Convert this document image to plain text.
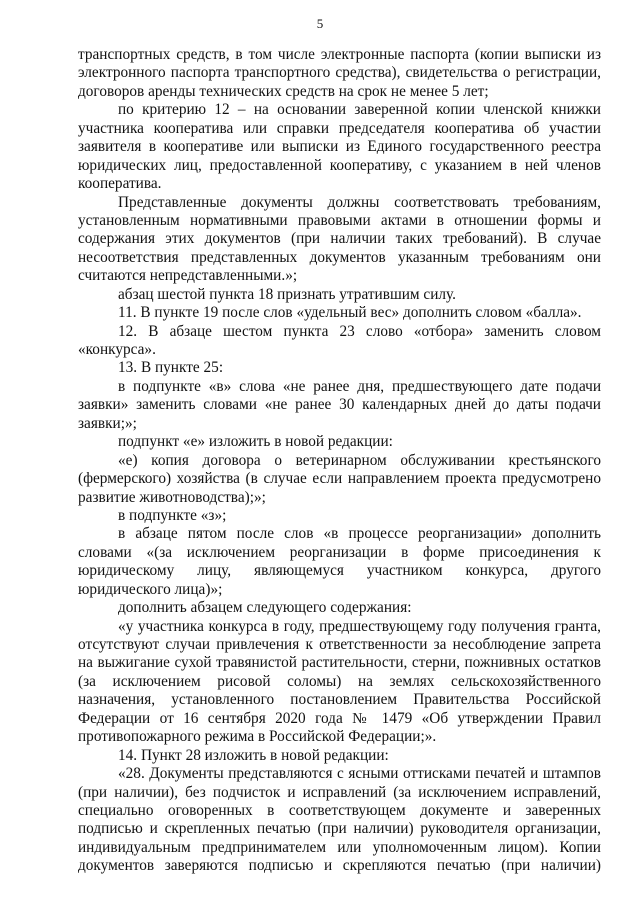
5
транспортных средств, в том числе электронные паспорта (копии выписки из
электронного паспорта транспортного средства), свидетельства о регистрации,
договоров аренды технических средств на срок не менее 5 лет;
по критерию 12 – на основании заверенной копии членской книжки
участника кооператива или справки председателя кооператива об участии
заявителя в кооперативе или выписки из Единого государственного реестра
юридических лиц, предоставленной кооперативу, с указанием в ней членов
кооператива.
Представленные документы должны соответствовать требованиям,
установленным нормативными правовыми актами в отношении формы и
содержания этих документов (при наличии таких требований). В случае
несоответствия представленных документов указанным требованиям они
считаются непредставленными.»;
абзац шестой пункта 18 признать утратившим силу.
11. В пункте 19 после слов «удельный вес» дополнить словом «балла».
12. В абзаце шестом пункта 23 слово «отбора» заменить словом
«конкурса».
13. В пункте 25:
в подпункте «в» слова «не ранее дня, предшествующего дате подачи
заявки» заменить словами «не ранее 30 календарных дней до даты подачи
заявки;»;
подпункт «е» изложить в новой редакции:
«е) копия договора о ветеринарном обслуживании крестьянского
(фермерского) хозяйства (в случае если направлением проекта предусмотрено
развитие животноводства);»;
в подпункте «з»;
в абзаце пятом после слов «в процессе реорганизации» дополнить
словами «(за исключением реорганизации в форме присоединения к
юридическому лицу, являющемуся участником конкурса, другого
юридического лица)»;
дополнить абзацем следующего содержания:
«у участника конкурса в году, предшествующему году получения гранта,
отсутствуют случаи привлечения к ответственности за несоблюдение запрета
на выжигание сухой травянистой растительности, стерни, пожнивных остатков
(за исключением рисовой соломы) на землях сельскохозяйственного
назначения, установленного постановлением Правительства Российской
Федерации от 16 сентября 2020 года № 1479 «Об утверждении Правил
противопожарного режима в Российской Федерации;».
14. Пункт 28 изложить в новой редакции:
«28. Документы представляются с ясными оттисками печатей и штампов
(при наличии), без подчисток и исправлений (за исключением исправлений,
специально оговоренных в соответствующем документе и заверенных
подписью и скрепленных печатью (при наличии) руководителя организации,
индивидуальным предпринимателем или уполномоченным лицом). Копии
документов заверяются подписью и скрепляются печатью (при наличии)
